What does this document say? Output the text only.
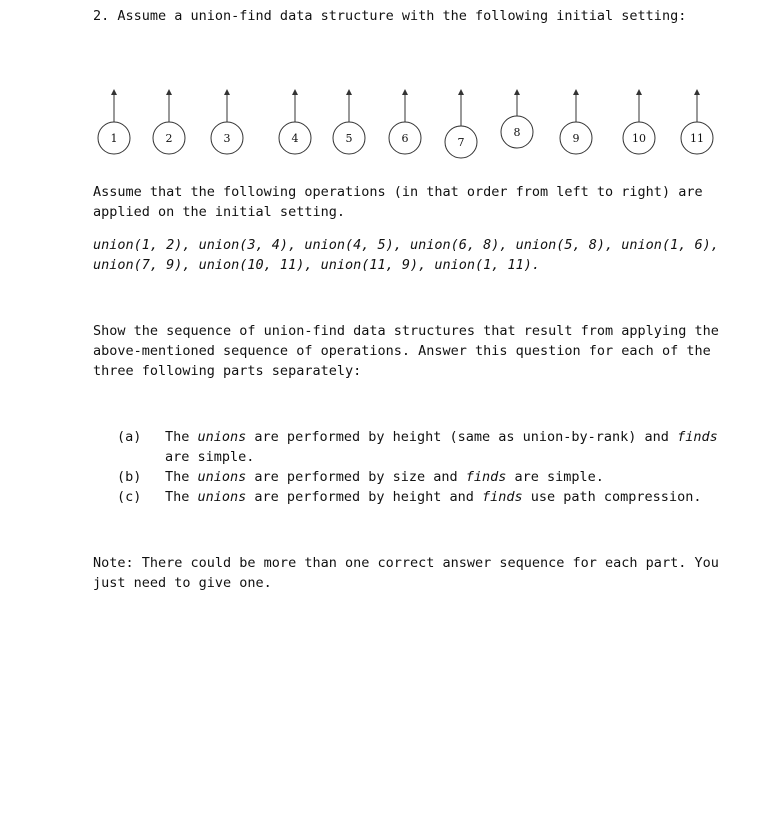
2. Assume a union-find data structure with the following initial setting:
1	2	3	4	5	6	7
8	9	10	11
Assume that the following operations (in that order from left to right) are
applied on the initial setting.
union(1, 2), union(3, 4), union(4, 5), union(6, 8), union(5, 8), union(1, 6),
union(7, 9), union(10, 11), union(11, 9), union(1, 11).
Show the sequence of union-find data structures that result from applying the
above-mentioned sequence of operations. Answer this question for each of the
three following parts separately:
(a) The unions are performed by height (same as union-by-rank) and finds
are simple.
(b) The unions are performed by size and finds are simple.
(c) The unions are performed by height and finds use path compression.
Note: There could be more than one correct answer sequence for each part. You
just need to give one.
